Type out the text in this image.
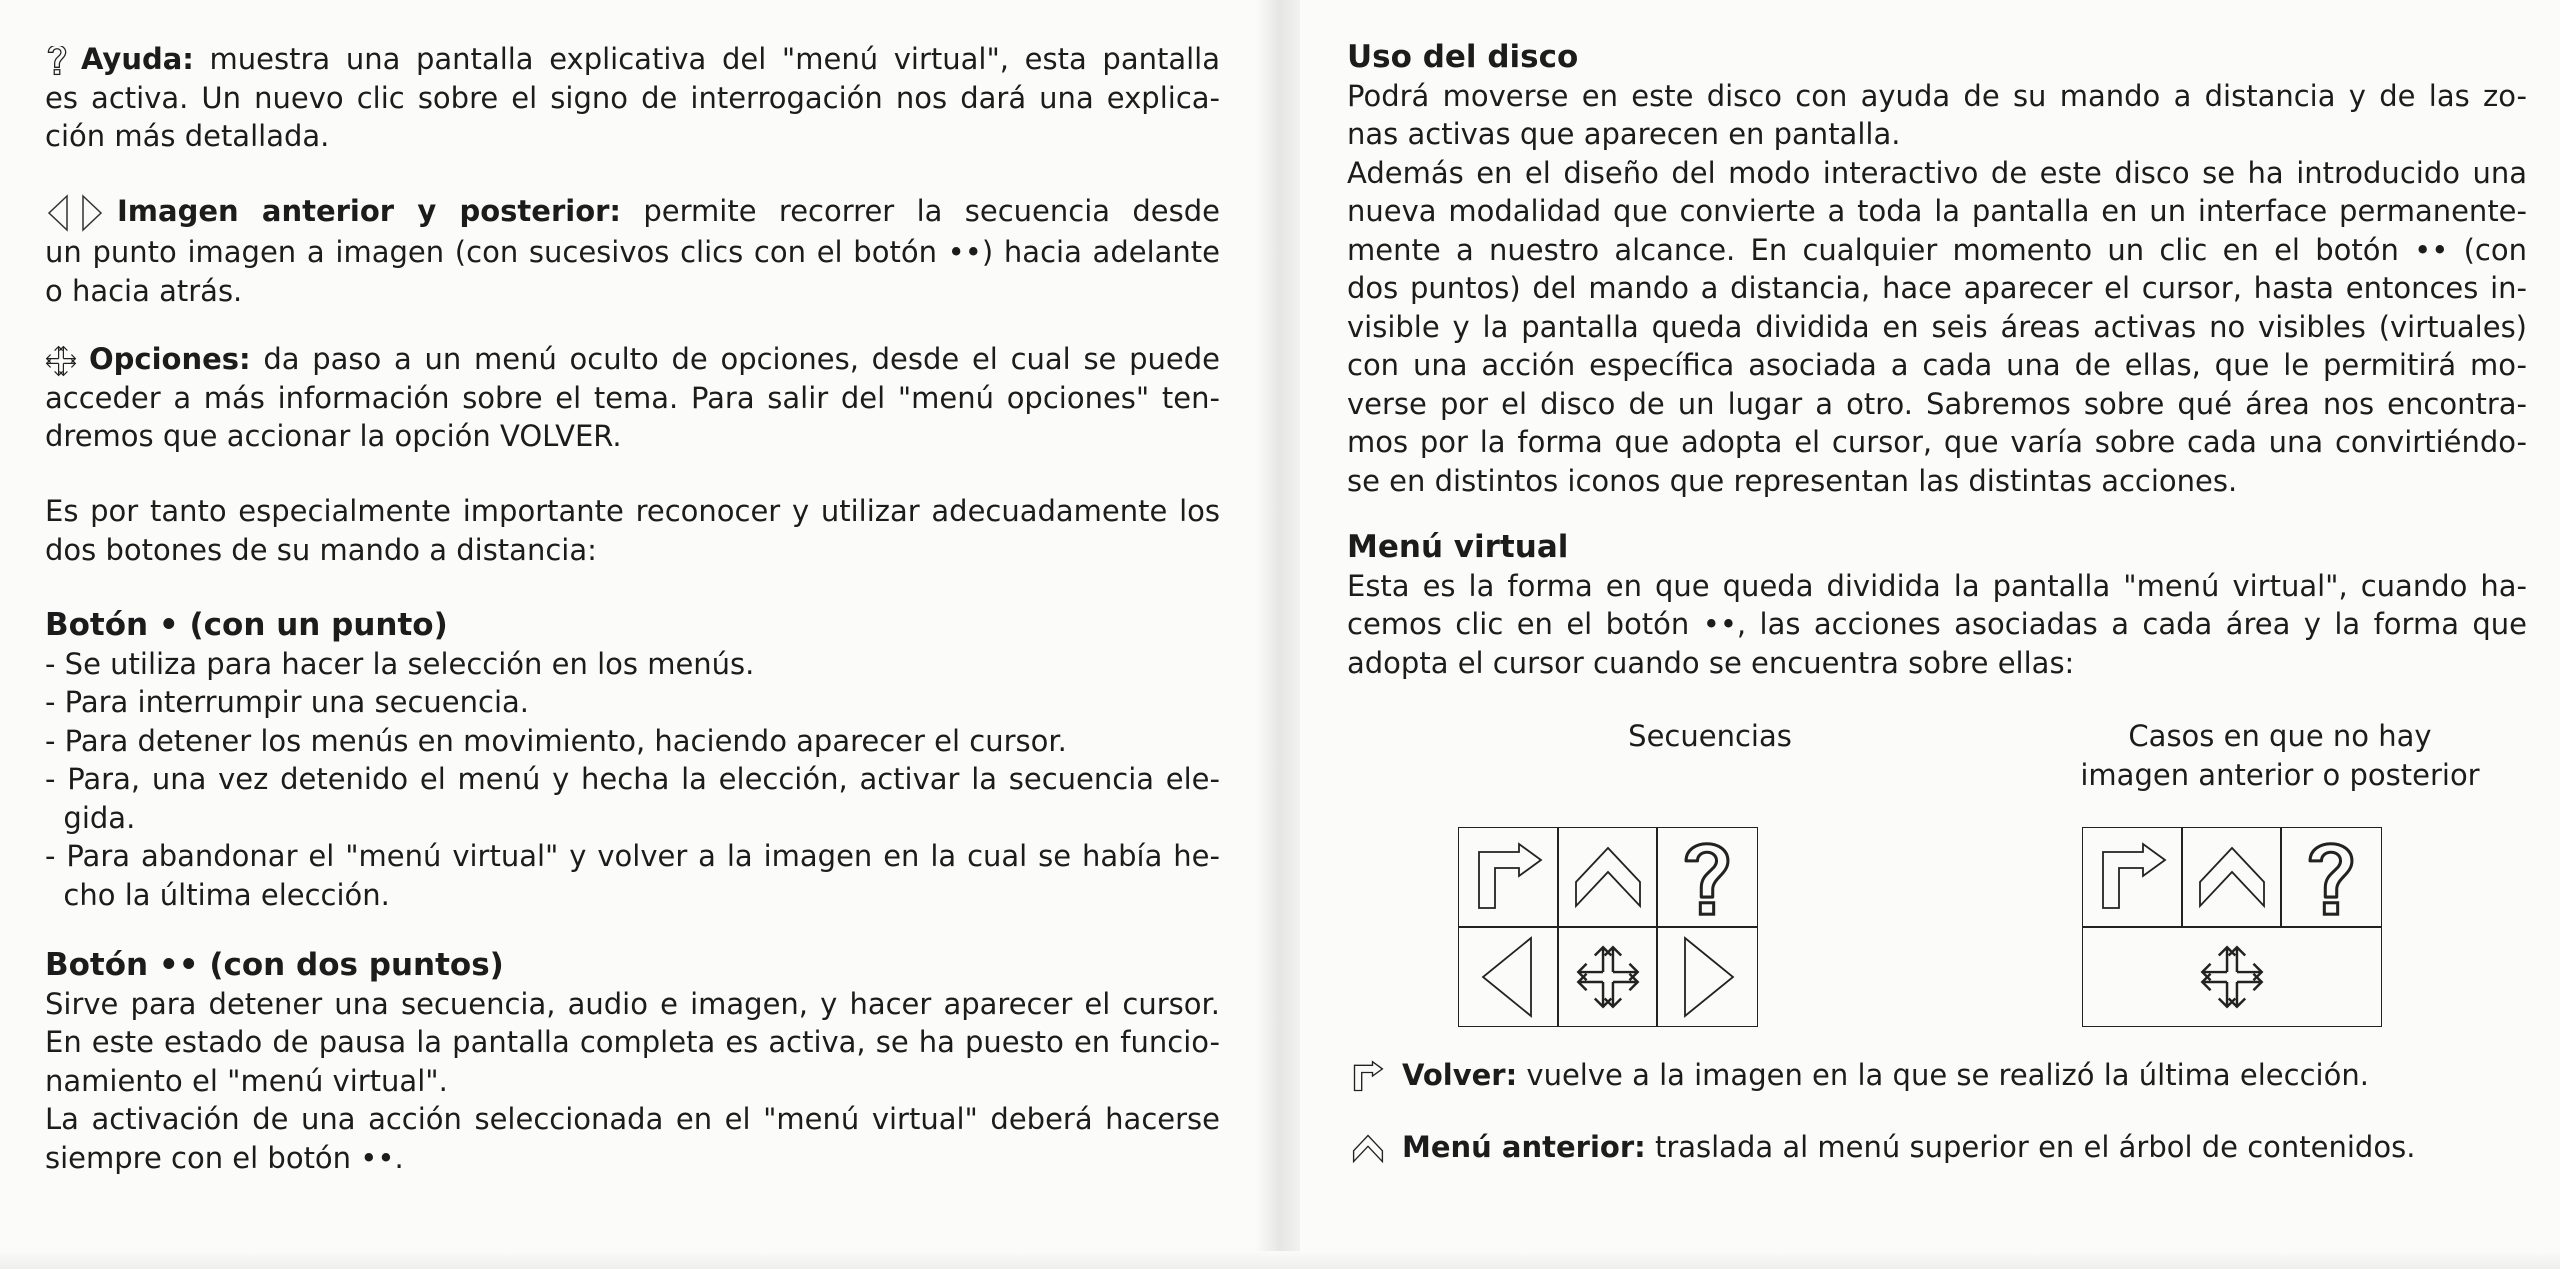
Ayuda: muestra una pantalla explicativa del "menú virtual", esta pantalla
es activa. Un nuevo clic sobre el signo de interrogación nos dará una explica-
ción más detallada.
Imagen anterior y posterior: permite recorrer la secuencia desde
un punto imagen a imagen (con sucesivos clics con el botón ••) hacia adelante
o hacia atrás.
Opciones: da paso a un menú oculto de opciones, desde el cual se puede
acceder a más información sobre el tema. Para salir del "menú opciones" ten-
dremos que accionar la opción VOLVER.
Es por tanto especialmente importante reconocer y utilizar adecuadamente los
dos botones de su mando a distancia:
Botón • (con un punto)
- Se utiliza para hacer la selección en los menús.
- Para interrumpir una secuencia.
- Para detener los menús en movimiento, haciendo aparecer el cursor.
- Para, una vez detenido el menú y hecha la elección, activar la secuencia ele-
gida.
- Para abandonar el "menú virtual" y volver a la imagen en la cual se había he-
cho la última elección.
Botón •• (con dos puntos)
Sirve para detener una secuencia, audio e imagen, y hacer aparecer el cursor.
En este estado de pausa la pantalla completa es activa, se ha puesto en funcio-
namiento el "menú virtual".
La activación de una acción seleccionada en el "menú virtual" deberá hacerse
siempre con el botón ••.
Uso del disco
Podrá moverse en este disco con ayuda de su mando a distancia y de las zo-
nas activas que aparecen en pantalla.
Además en el diseño del modo interactivo de este disco se ha introducido una
nueva modalidad que convierte a toda la pantalla en un interface permanente-
mente a nuestro alcance. En cualquier momento un clic en el botón •• (con
dos puntos) del mando a distancia, hace aparecer el cursor, hasta entonces in-
visible y la pantalla queda dividida en seis áreas activas no visibles (virtuales)
con una acción específica asociada a cada una de ellas, que le permitirá mo-
verse por el disco de un lugar a otro. Sabremos sobre qué área nos encontra-
mos por la forma que adopta el cursor, que varía sobre cada una convirtiéndo-
se en distintos iconos que representan las distintas acciones.
Menú virtual
Esta es la forma en que queda dividida la pantalla "menú virtual", cuando ha-
cemos clic en el botón ••, las acciones asociadas a cada área y la forma que
adopta el cursor cuando se encuentra sobre ellas:
Secuencias	Casos en que no hay
imagen anterior o posterior
Volver: vuelve a la imagen en la que se realizó la última elección.
Menú anterior: traslada al menú superior en el árbol de contenidos.
